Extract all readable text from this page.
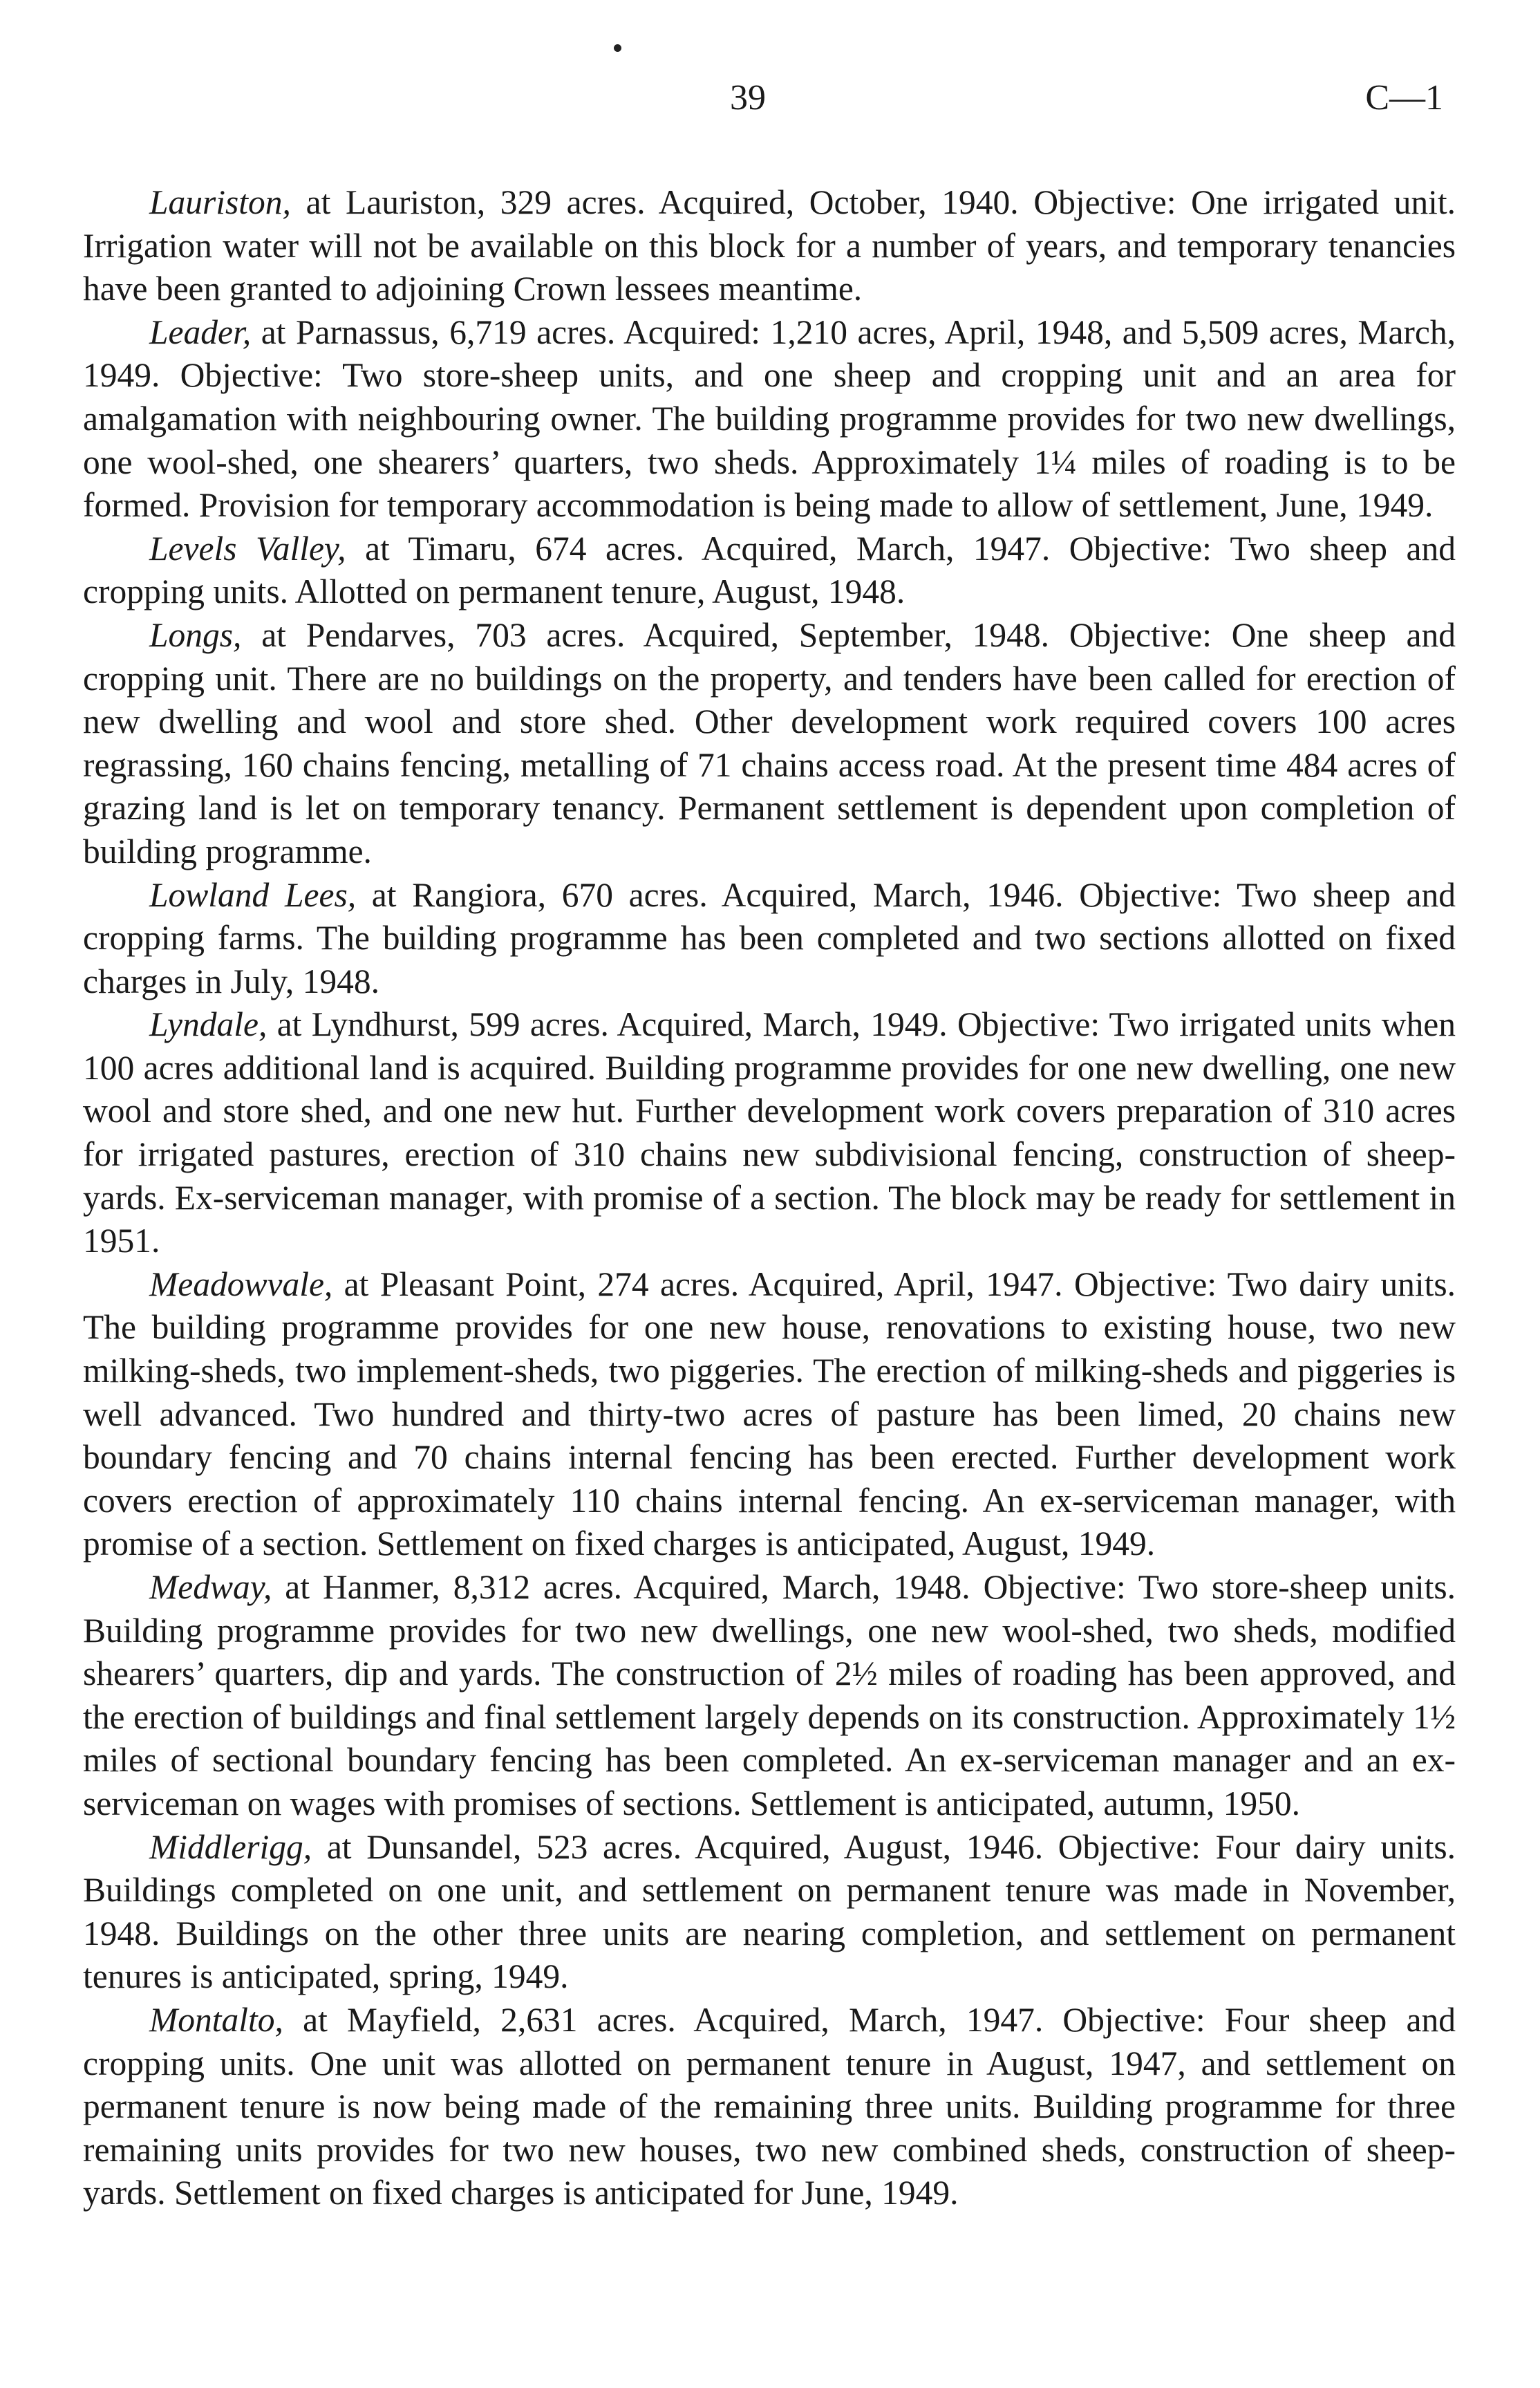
39	C—1

Lauriston, at Lauriston, 329 acres. Acquired, October, 1940. Objective: One irrigated unit. Irrigation water will not be available on this block for a number of years, and temporary tenancies have been granted to adjoining Crown lessees meantime.

Leader, at Parnassus, 6,719 acres. Acquired: 1,210 acres, April, 1948, and 5,509 acres, March, 1949. Objective: Two store-sheep units, and one sheep and cropping unit and an area for amalgamation with neighbouring owner. The building programme provides for two new dwellings, one wool-shed, one shearers’ quarters, two sheds. Approximately 1¼ miles of roading is to be formed. Provision for temporary accommodation is being made to allow of settlement, June, 1949.

Levels Valley, at Timaru, 674 acres. Acquired, March, 1947. Objective: Two sheep and cropping units. Allotted on permanent tenure, August, 1948.

Longs, at Pendarves, 703 acres. Acquired, September, 1948. Objective: One sheep and cropping unit. There are no buildings on the property, and tenders have been called for erection of new dwelling and wool and store shed. Other development work required covers 100 acres regrassing, 160 chains fencing, metalling of 71 chains access road. At the present time 484 acres of grazing land is let on temporary tenancy. Permanent settlement is dependent upon completion of building programme.

Lowland Lees, at Rangiora, 670 acres. Acquired, March, 1946. Objective: Two sheep and cropping farms. The building programme has been completed and two sections allotted on fixed charges in July, 1948.

Lyndale, at Lyndhurst, 599 acres. Acquired, March, 1949. Objective: Two irrigated units when 100 acres additional land is acquired. Building programme provides for one new dwelling, one new wool and store shed, and one new hut. Further development work covers preparation of 310 acres for irrigated pastures, erection of 310 chains new subdivisional fencing, construction of sheep-yards. Ex-serviceman manager, with promise of a section. The block may be ready for settlement in 1951.

Meadowvale, at Pleasant Point, 274 acres. Acquired, April, 1947. Objective: Two dairy units. The building programme provides for one new house, renovations to existing house, two new milking-sheds, two implement-sheds, two piggeries. The erection of milking-sheds and piggeries is well advanced. Two hundred and thirty-two acres of pasture has been limed, 20 chains new boundary fencing and 70 chains internal fencing has been erected. Further development work covers erection of approximately 110 chains internal fencing. An ex-serviceman manager, with promise of a section. Settlement on fixed charges is anticipated, August, 1949.

Medway, at Hanmer, 8,312 acres. Acquired, March, 1948. Objective: Two store-sheep units. Building programme provides for two new dwellings, one new wool-shed, two sheds, modified shearers’ quarters, dip and yards. The construction of 2½ miles of roading has been approved, and the erection of buildings and final settlement largely depends on its construction. Approximately 1½ miles of sectional boundary fencing has been completed. An ex-serviceman manager and an ex-serviceman on wages with promises of sections. Settlement is anticipated, autumn, 1950.

Middlerigg, at Dunsandel, 523 acres. Acquired, August, 1946. Objective: Four dairy units. Buildings completed on one unit, and settlement on permanent tenure was made in November, 1948. Buildings on the other three units are nearing completion, and settlement on permanent tenures is anticipated, spring, 1949.

Montalto, at Mayfield, 2,631 acres. Acquired, March, 1947. Objective: Four sheep and cropping units. One unit was allotted on permanent tenure in August, 1947, and settlement on permanent tenure is now being made of the remaining three units. Building programme for three remaining units provides for two new houses, two new combined sheds, construction of sheep-yards. Settlement on fixed charges is anticipated for June, 1949.
